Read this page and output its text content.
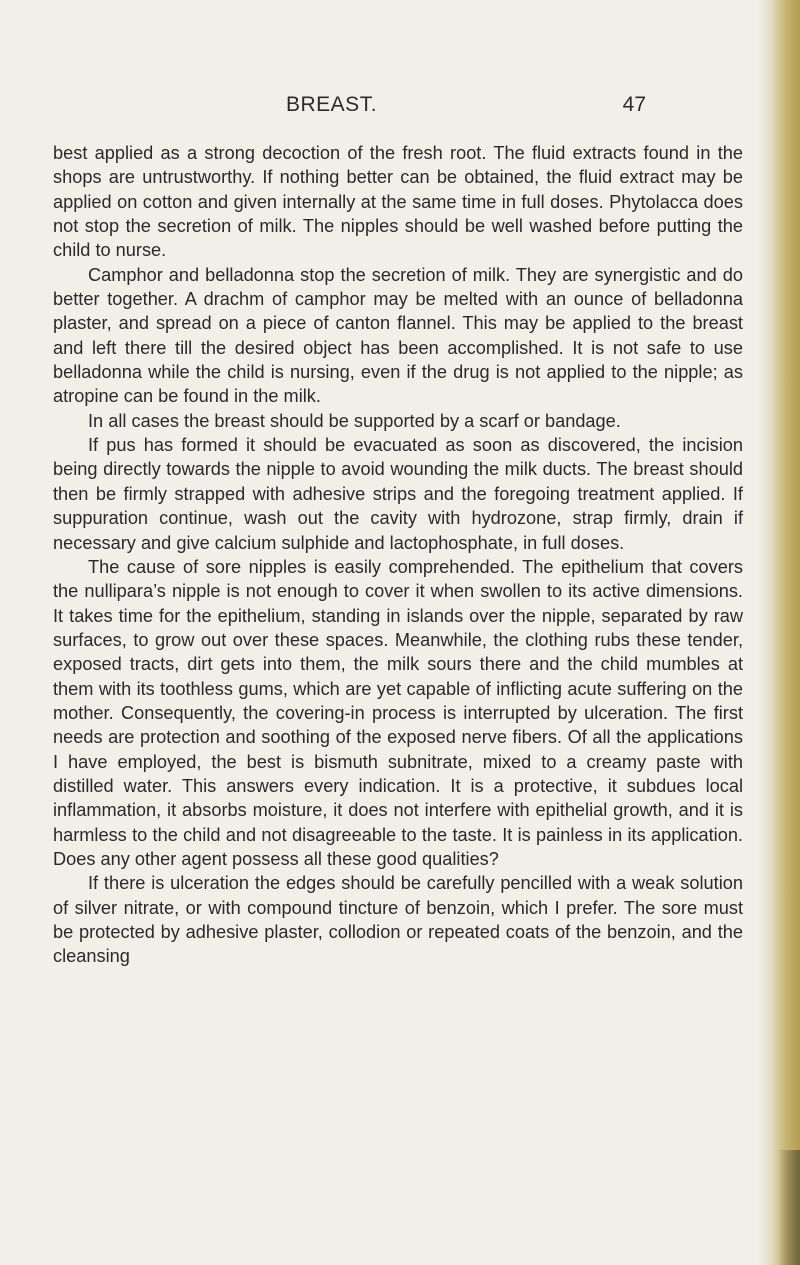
BREAST.	47

best applied as a strong decoction of the fresh root. The fluid extracts found in the shops are untrustworthy. If nothing better can be obtained, the fluid extract may be applied on cotton and given internally at the same time in full doses. Phytolacca does not stop the secretion of milk. The nipples should be well washed before putting the child to nurse.

Camphor and belladonna stop the secretion of milk. They are synergistic and do better together. A drachm of camphor may be melted with an ounce of belladonna plaster, and spread on a piece of canton flannel. This may be applied to the breast and left there till the desired object has been accomplished. It is not safe to use belladonna while the child is nursing, even if the drug is not applied to the nipple; as atropine can be found in the milk.

In all cases the breast should be supported by a scarf or bandage.

If pus has formed it should be evacuated as soon as discovered, the incision being directly towards the nipple to avoid wounding the milk ducts. The breast should then be firmly strapped with adhesive strips and the foregoing treatment applied. If suppuration continue, wash out the cavity with hydrozone, strap firmly, drain if necessary and give calcium sulphide and lactophosphate, in full doses.

The cause of sore nipples is easily comprehended. The epithelium that covers the nullipara’s nipple is not enough to cover it when swollen to its active dimensions. It takes time for the epithelium, standing in islands over the nipple, separated by raw surfaces, to grow out over these spaces. Meanwhile, the clothing rubs these tender, exposed tracts, dirt gets into them, the milk sours there and the child mumbles at them with its toothless gums, which are yet capable of inflicting acute suffering on the mother. Consequently, the covering-in process is interrupted by ulceration. The first needs are protection and soothing of the exposed nerve fibers. Of all the applications I have employed, the best is bismuth subnitrate, mixed to a creamy paste with distilled water. This answers every indication. It is a protective, it subdues local inflammation, it absorbs moisture, it does not interfere with epithelial growth, and it is harmless to the child and not disagreeable to the taste. It is painless in its application. Does any other agent possess all these good qualities?

If there is ulceration the edges should be carefully pencilled with a weak solution of silver nitrate, or with compound tincture of benzoin, which I prefer. The sore must be protected by adhesive plaster, collodion or repeated coats of the benzoin, and the cleansing
